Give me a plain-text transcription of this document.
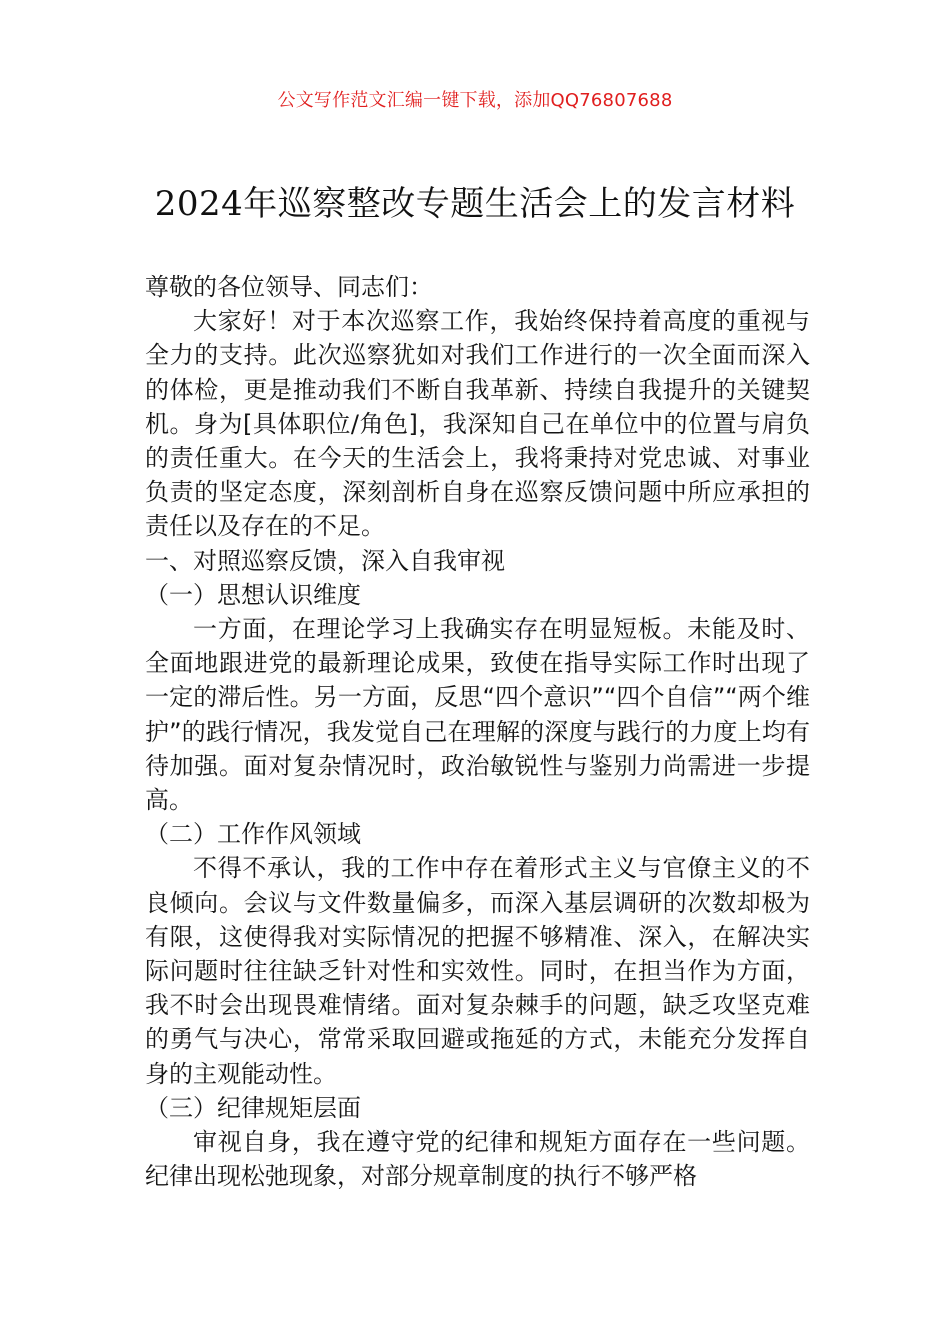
公文写作范文汇编一键下载，添加QQ76807688
2024年巡察整改专题生活会上的发言材料

尊敬的各位领导、同志们：

大家好！对于本次巡察工作，我始终保持着高度的重视与全力的支持。此次巡察犹如对我们工作进行的一次全面而深入的体检，更是推动我们不断自我革新、持续自我提升的关键契机。身为[具体职位/角色]，我深知自己在单位中的位置与肩负的责任重大。在今天的生活会上，我将秉持对党忠诚、对事业负责的坚定态度，深刻剖析自身在巡察反馈问题中所应承担的责任以及存在的不足。

一、对照巡察反馈，深入自我审视

（一）思想认识维度

一方面，在理论学习上我确实存在明显短板。未能及时、全面地跟进党的最新理论成果，致使在指导实际工作时出现了一定的滞后性。另一方面，反思“四个意识”“四个自信”“两个维护”的践行情况，我发觉自己在理解的深度与践行的力度上均有待加强。面对复杂情况时，政治敏锐性与鉴别力尚需进一步提高。

（二）工作作风领域

不得不承认，我的工作中存在着形式主义与官僚主义的不良倾向。会议与文件数量偏多，而深入基层调研的次数却极为有限，这使得我对实际情况的把握不够精准、深入，在解决实际问题时往往缺乏针对性和实效性。同时，在担当作为方面，我不时会出现畏难情绪。面对复杂棘手的问题，缺乏攻坚克难的勇气与决心，常常采取回避或拖延的方式，未能充分发挥自身的主观能动性。

（三）纪律规矩层面

审视自身，我在遵守党的纪律和规矩方面存在一些问题。纪律出现松弛现象，对部分规章制度的执行不够严格
